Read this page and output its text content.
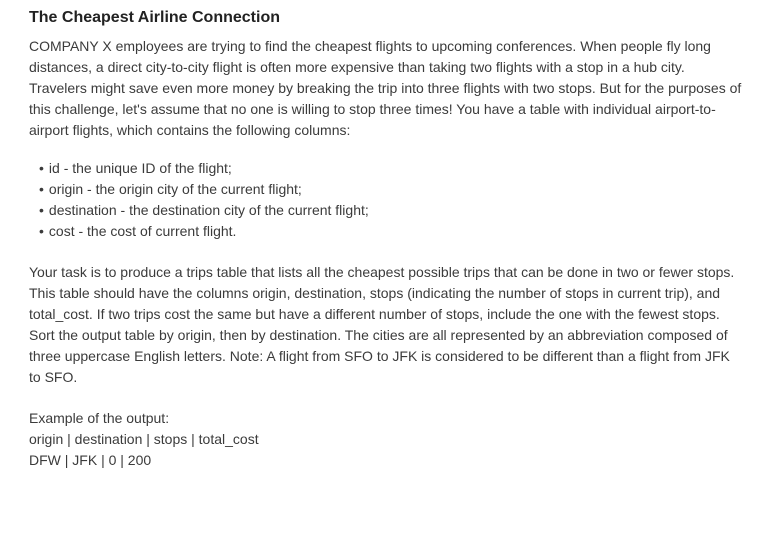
The Cheapest Airline Connection

COMPANY X employees are trying to find the cheapest flights to upcoming conferences. When people fly long distances, a direct city-to-city flight is often more expensive than taking two flights with a stop in a hub city. Travelers might save even more money by breaking the trip into three flights with two stops. But for the purposes of this challenge, let's assume that no one is willing to stop three times! You have a table with individual airport-to-airport flights, which contains the following columns:

• id - the unique ID of the flight;
• origin - the origin city of the current flight;
• destination - the destination city of the current flight;
• cost - the cost of current flight.

Your task is to produce a trips table that lists all the cheapest possible trips that can be done in two or fewer stops. This table should have the columns origin, destination, stops (indicating the number of stops in current trip), and total_cost. If two trips cost the same but have a different number of stops, include the one with the fewest stops. Sort the output table by origin, then by destination. The cities are all represented by an abbreviation composed of three uppercase English letters. Note: A flight from SFO to JFK is considered to be different than a flight from JFK to SFO.

Example of the output:
origin | destination | stops | total_cost
DFW | JFK | 0 | 200
